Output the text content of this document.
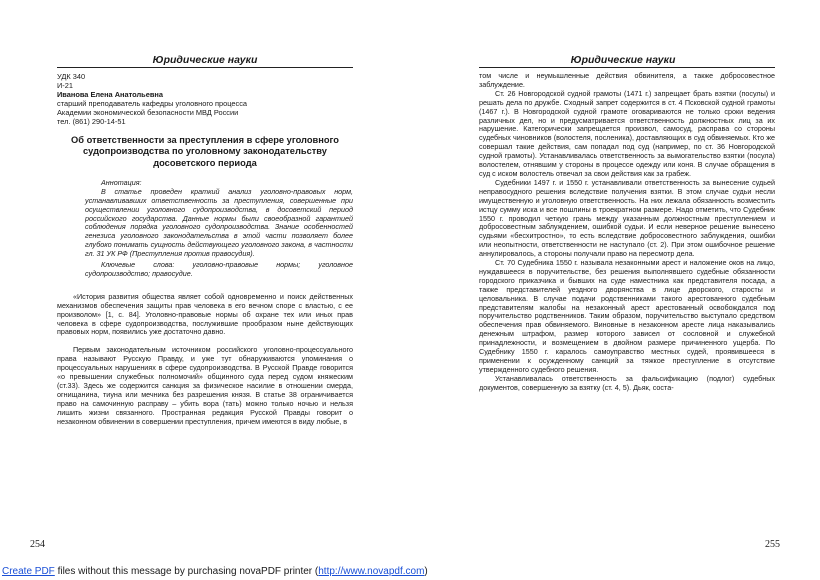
Юридические науки

УДК 340

И-21

Иванова Елена Анатольевна

старший преподаватель кафедры уголовного процесса

Академии экономической безопасности МВД России

тел. (861) 290-14-51

Об ответственности за преступления в сфере уголовного судопроизводства по уголовному законодательству досоветского периода

Аннотация:

В статье проведен краткий анализ уголовно-правовых норм, устанавливавших ответственность за преступления, совершенные при осуществлении уголовного судопроизводства, в досоветский период российского государства. Данные нормы были своеобразной гарантией соблюдения порядка уголовного судопроизводства. Знание особенностей генезиса уголовного законодательства в этой части позволяет более глубоко понимать сущность действующего уголовного закона, в частности гл. 31 УК РФ (Преступления против правосудия).

Ключевые слова: уголовно-правовые нормы; уголовное судопроизводство; правосудие.

«История развития общества являет собой одновременно и поиск действенных механизмов обеспечения защиты прав человека в его вечном споре с властью, с ее произволом» [1, с. 84]. Уголовно-правовые нормы об охране тех или иных прав человека в сфере судопроизводства, послужившие прообразом ныне действующих правовых норм, появились уже достаточно давно.

Первым законодательным источником российского уголовно-процессуального права называют Русскую Правду, и уже тут обнаруживаются упоминания о процессуальных нарушениях в сфере судопроизводства. В Русской Правде говорится «о превышении служебных полномочий» общинного суда перед судом княжеским (ст.33). Здесь же содержится санкция за физическое насилие в отношении смерда, огнищанина, тиуна или мечника без разрешения князя. В статье 38 ограничивается право на самочинную расправу – убить вора (тать) можно только ночью и нельзя лишить жизни связанного. Пространная редакция Русской Правды говорит о незаконном обвинении в совершении преступления, причем имеются в виду любые, в

254
Юридические науки

том числе и неумышленные действия обвинителя, а также добросовестное заблуждение.

Ст. 26 Новгородской судной грамоты (1471 г.) запрещает брать взятки (посулы) и решать дела по дружбе. Сходный запрет содержится в ст. 4 Псковской судной грамоты (1467 г.). В Новгородской судной грамоте оговариваются не только сроки ведения различных дел, но и предусматривается ответственность должностных лиц за их нарушение. Категорически запрещается произвол, самосуд, расправа со стороны судебных чиновников (волостеля, посленика), доставляющих в суд обвиняемых. Кто же совершал такие действия, сам попадал под суд (например, по ст. 36 Новгородской судной грамоты). Устанавливалась ответственность за вымогательство взятки (посула) волостелем, отнявшим у стороны в процессе одежду или коня. В случае обращения в суд с иском волостель отвечал за свои действия как за грабеж.

Судебники 1497 г. и 1550 г. устанавливали ответственность за вынесение судьей неправосудного решения вследствие получения взятки. В этом случае судьи несли имущественную и уголовную ответственность. На них лежала обязанность возместить истцу сумму иска и все пошлины в троекратном размере. Надо отметить, что Судебник 1550 г. проводил четкую грань между указанным должностным преступлением и добросовестным заблуждением, ошибкой судьи. И если неверное решение вынесено судьями «бесхитростно», то есть вследствие добросовестного заблуждения, ошибки или неопытности, ответственности не наступало (ст. 2). При этом ошибочное решение аннулировалось, а стороны получали право на пересмотр дела.

Ст. 70 Судебника 1550 г. называла незаконными арест и наложение оков на лицо, нуждавшееся в поручительстве, без решения выполнявшего судебные обязанности городского приказчика и бывших на суде наместника как представителя посада, а также представителей уездного дворянства в лице дворского, старосты и целовальника. В случае подачи родственниками такого арестованного судебным представителям жалобы на незаконный арест арестованный освобождался под поручительство родственников. Таким образом, поручительство выступало средством обеспечения прав обвиняемого. Виновные в незаконном аресте лица наказывались денежным штрафом, размер которого зависел от сословной и служебной принадлежности, и возмещением в двойном размере причиненного ущерба. По Судебнику 1550 г. каралось самоуправство местных судей, проявившееся в применении к осужденному санкций за тяжкое преступление в отсутствие утвержденного судебного решения.

Устанавливалась ответственность за фальсификацию (подлог) судебных документов, совершенную за взятку (ст. 4, 5). Дьяк, соста-

255
Create PDF files without this message by purchasing novaPDF printer (http://www.novapdf.com)
